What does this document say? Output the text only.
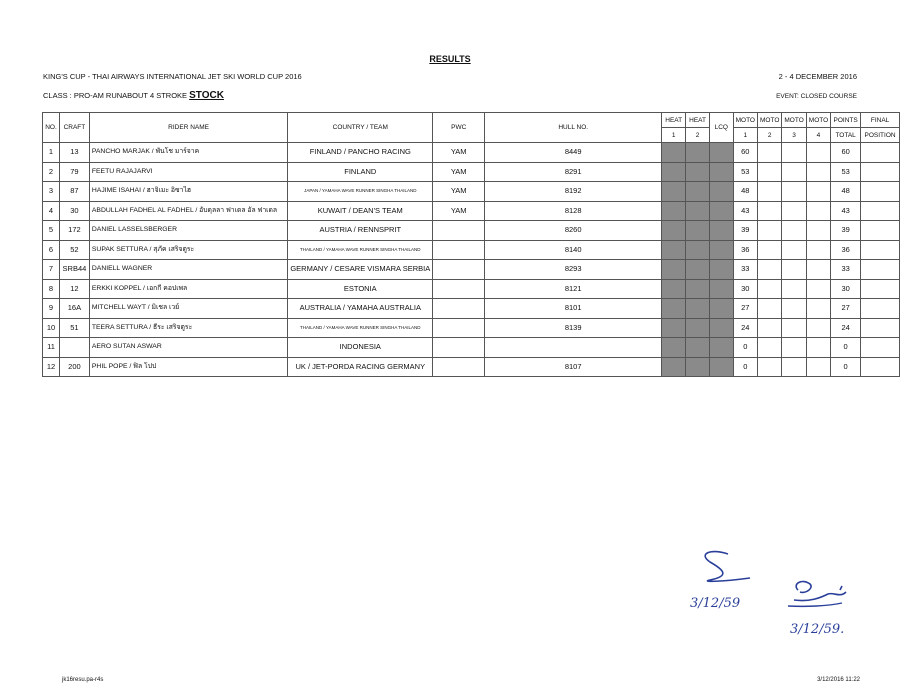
RESULTS
KING'S CUP - THAI AIRWAYS INTERNATIONAL JET SKI WORLD CUP 2016	2 - 4 DECEMBER 2016
CLASS : PRO-AM RUNABOUT 4 STROKE STOCK	EVENT: CLOSED COURSE
NO.	CRAFT	RIDER NAME	COUNTRY / TEAM	PWC	HULL NO.	HEAT	HEAT	LCQ	MOTO	MOTO	MOTO	MOTO	POINTS	FINAL
						1	2		1	2	3	4	TOTAL	POSITION
1	13	PANCHO MARJAK / พันโช มาร์จาค	FINLAND / PANCHO RACING	YAM	8449				60				60	
2	79	FEETU RAJAJARVI	FINLAND	YAM	8291				53				53	
3	87	HAJIME ISAHAI / ฮาจิเมะ อิซาไฮ	JAPAN / YAMAHA WAVE RUNNER SINGHA THAILAND	YAM	8192				48				48	
4	30	ABDULLAH FADHEL AL FADHEL / อับดุลลา ฟาเดล อัล ฟาเดล	KUWAIT / DEAN'S TEAM	YAM	8128				43				43	
5	172	DANIEL LASSELSBERGER	AUSTRIA / RENNSPRIT		8260				39				39	
6	52	SUPAK SETTURA / สุภัค เสริจตูระ	THAILAND / YAMAHA WAVE RUNNER SINGHA THAILAND		8140				36				36	
7	SRB44	DANIELL WAGNER	GERMANY / CESARE VISMARA SERBIA		8293				33				33	
8	12	ERKKI KOPPEL / เอกกี คอปเพล	ESTONIA		8121				30				30	
9	16A	MITCHELL WAYT / มิเชล เวย์	AUSTRALIA / YAMAHA AUSTRALIA		8101				27				27	
10	51	TEERA SETTURA / ธีระ เสริจตูระ	THAILAND / YAMAHA WAVE RUNNER SINGHA THAILAND		8139				24				24	
11		AERO SUTAN ASWAR	INDONESIA						0				0	
12	200	PHIL POPE / ฟิล โปป	UK / JET-PORDA RACING GERMANY		8107				0				0	
3/12/59
3/12/59.
jk16resu.pa-r4s	3/12/2016 11:22
